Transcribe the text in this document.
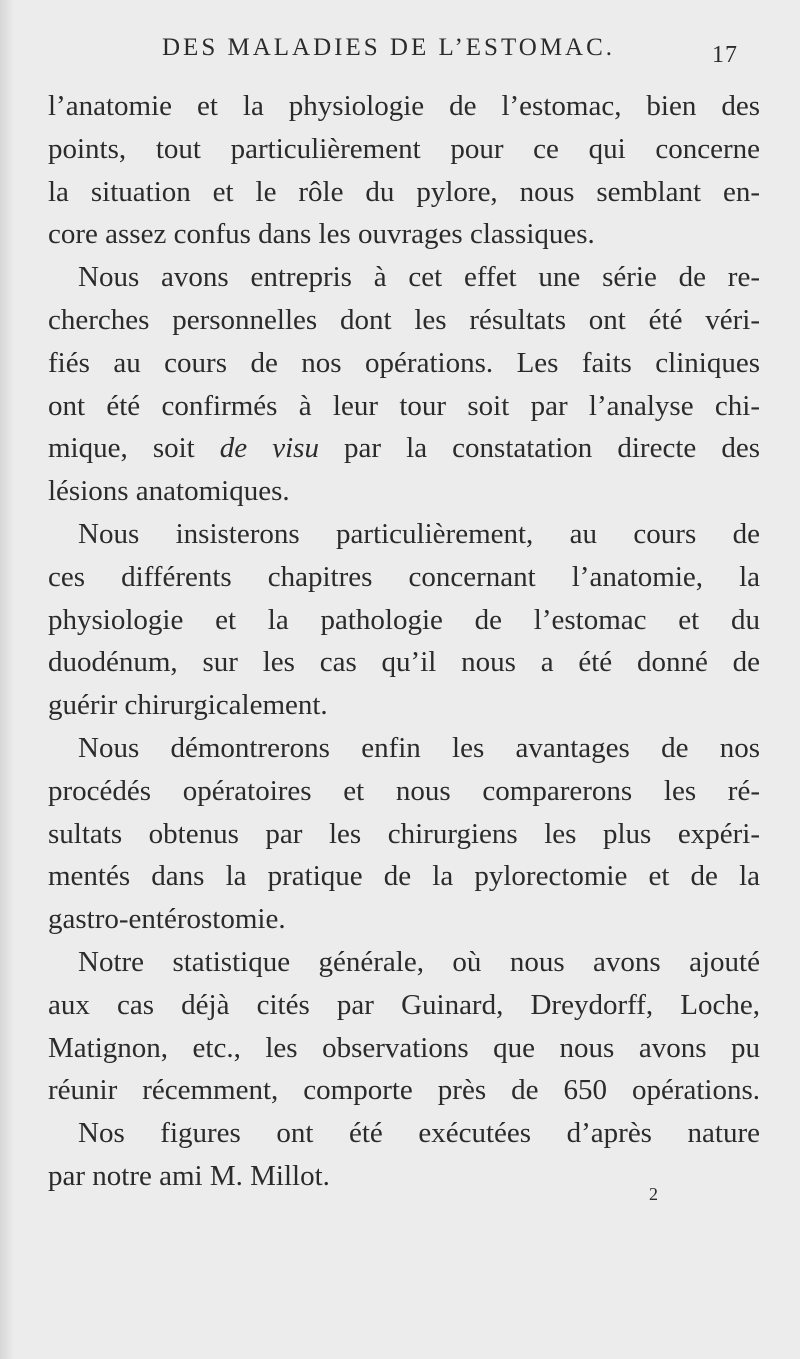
DES MALADIES DE L’ESTOMAC.	17
l’anatomie et la physiologie de l’estomac, bien des
points, tout particulièrement pour ce qui concerne
la situation et le rôle du pylore, nous semblant en-
core assez confus dans les ouvrages classiques.
Nous avons entrepris à cet effet une série de re-
cherches personnelles dont les résultats ont été véri-
fiés au cours de nos opérations. Les faits cliniques
ont été confirmés à leur tour soit par l’analyse chi-
mique, soit de visu par la constatation directe des
lésions anatomiques.
Nous insisterons particulièrement, au cours de
ces différents chapitres concernant l’anatomie, la
physiologie et la pathologie de l’estomac et du
duodénum, sur les cas qu’il nous a été donné de
guérir chirurgicalement.
Nous démontrerons enfin les avantages de nos
procédés opératoires et nous comparerons les ré-
sultats obtenus par les chirurgiens les plus expéri-
mentés dans la pratique de la pylorectomie et de la
gastro-entérostomie.
Notre statistique générale, où nous avons ajouté
aux cas déjà cités par Guinard, Dreydorff, Loche,
Matignon, etc., les observations que nous avons pu
réunir récemment, comporte près de 650 opérations.
Nos figures ont été exécutées d’après nature
par notre ami M. Millot.
2
